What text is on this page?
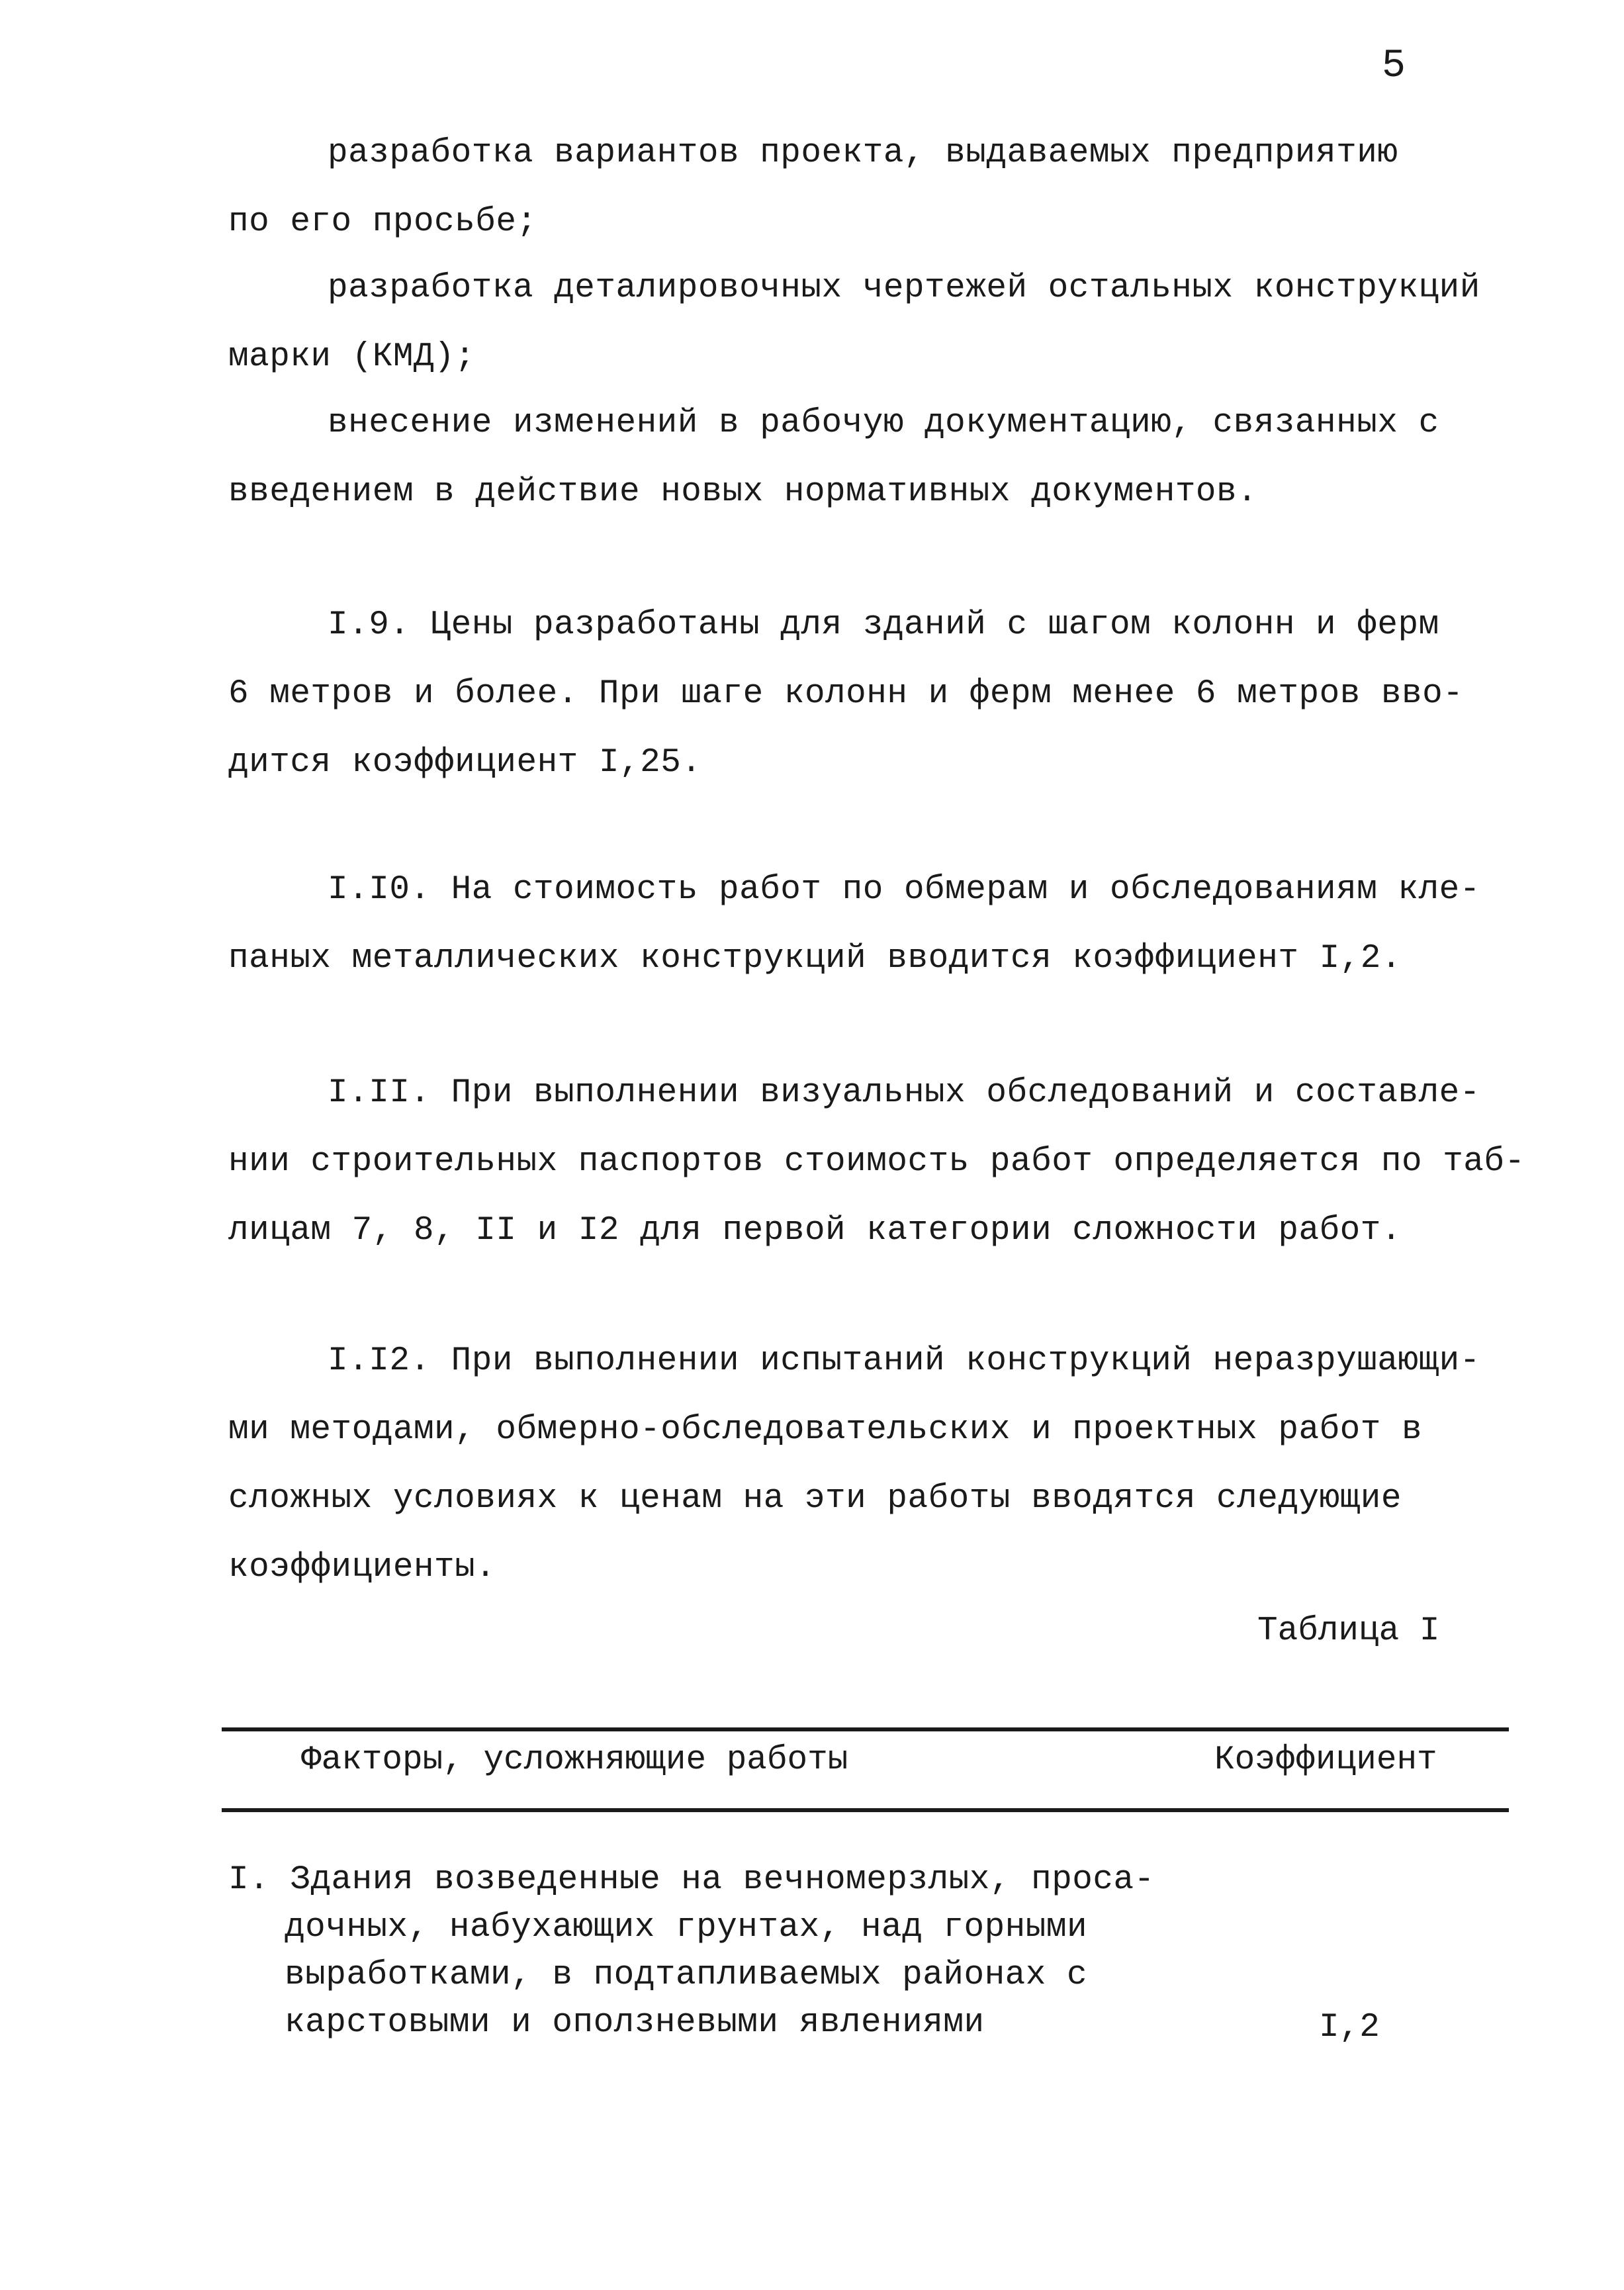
5
разработка вариантов проекта, выдаваемых предприятию
по его просьбе;
разработка деталировочных чертежей остальных конструкций
марки (КМД);
внесение изменений в рабочую документацию, связанных с
введением в действие новых нормативных документов.
I.9. Цены разработаны для зданий с шагом колонн и ферм
6 метров и более. При шаге колонн и ферм менее 6 метров вво-
дится коэффициент I,25.
I.I0. На стоимость работ по обмерам и обследованиям кле-
паных металлических конструкций вводится коэффициент I,2.
I.II. При выполнении визуальных обследований и составле-
нии строительных паспортов стоимость работ определяется по таб-
лицам 7, 8, II и I2 для первой категории сложности работ.
I.I2. При выполнении испытаний конструкций неразрушающи-
ми методами, обмерно-обследовательских и проектных работ в
сложных условиях к ценам на эти работы вводятся следующие
коэффициенты.
Таблица I
Факторы, усложняющие работы	Коэффициент
I. Здания возведенные на вечномерзлых, проса-
дочных, набухающих грунтах, над горными
выработками, в подтапливаемых районах с
карстовыми и оползневыми явлениями	I,2
